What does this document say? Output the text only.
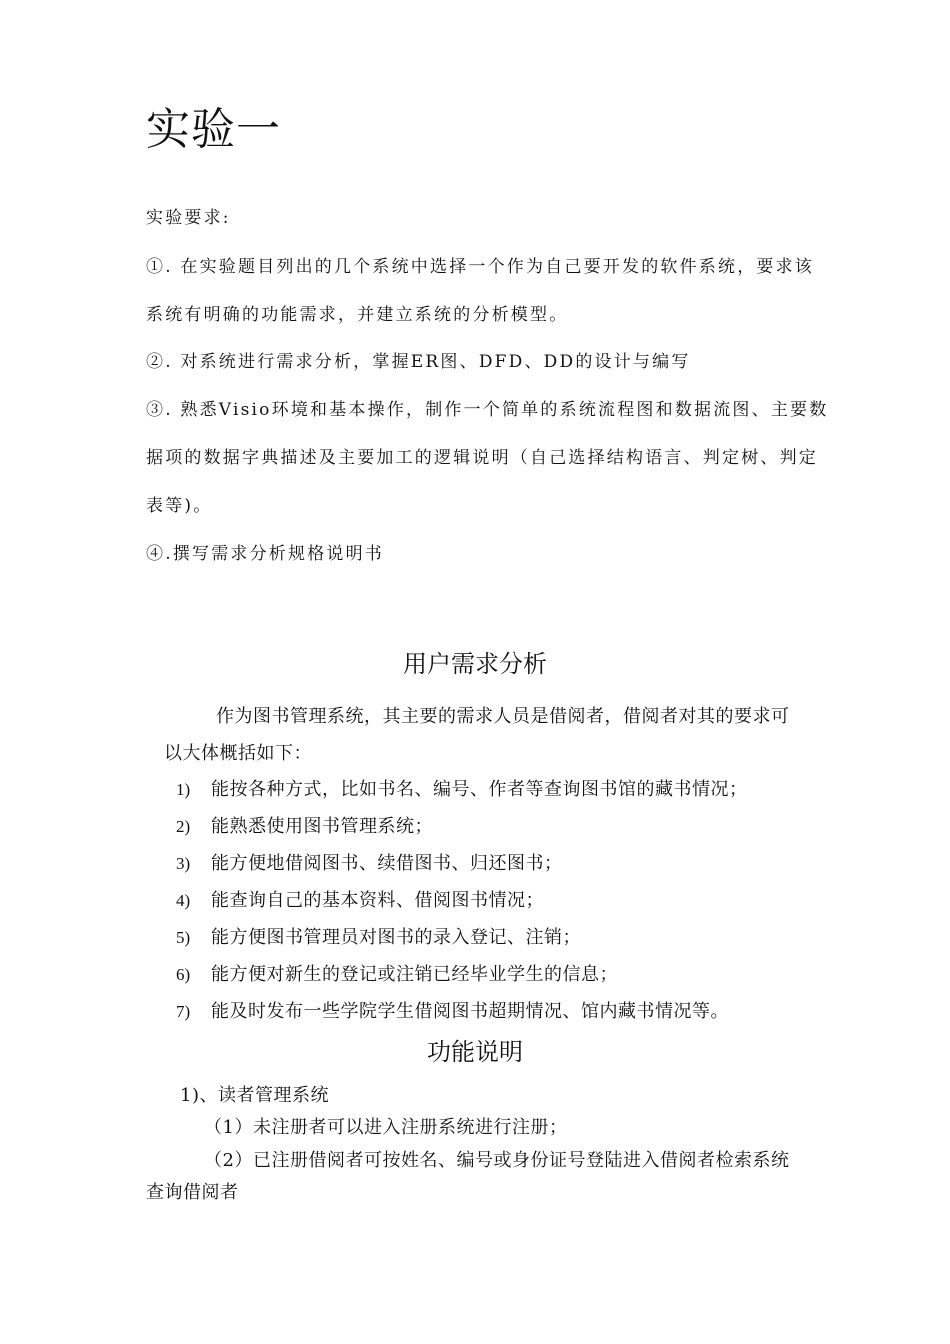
实验一
实验要求:
①. 在实验题目列出的几个系统中选择一个作为自己要开发的软件系统，要求该
系统有明确的功能需求，并建立系统的分析模型。
②. 对系统进行需求分析，掌握ER图、DFD、DD的设计与编写
③. 熟悉Visio环境和基本操作，制作一个简单的系统流程图和数据流图、主要数
据项的数据字典描述及主要加工的逻辑说明（自己选择结构语言、判定树、判定
表等)。
④.撰写需求分析规格说明书
用户需求分析
作为图书管理系统，其主要的需求人员是借阅者，借阅者对其的要求可
以大体概括如下：
1) 能按各种方式，比如书名、编号、作者等查询图书馆的藏书情况；
2) 能熟悉使用图书管理系统；
3) 能方便地借阅图书、续借图书、归还图书；
4) 能查询自己的基本资料、借阅图书情况；
5) 能方便图书管理员对图书的录入登记、注销；
6) 能方便对新生的登记或注销已经毕业学生的信息；
7) 能及时发布一些学院学生借阅图书超期情况、馆内藏书情况等。
功能说明
1)、读者管理系统
（1）未注册者可以进入注册系统进行注册；
（2）已注册借阅者可按姓名、编号或身份证号登陆进入借阅者检索系统
查询借阅者
